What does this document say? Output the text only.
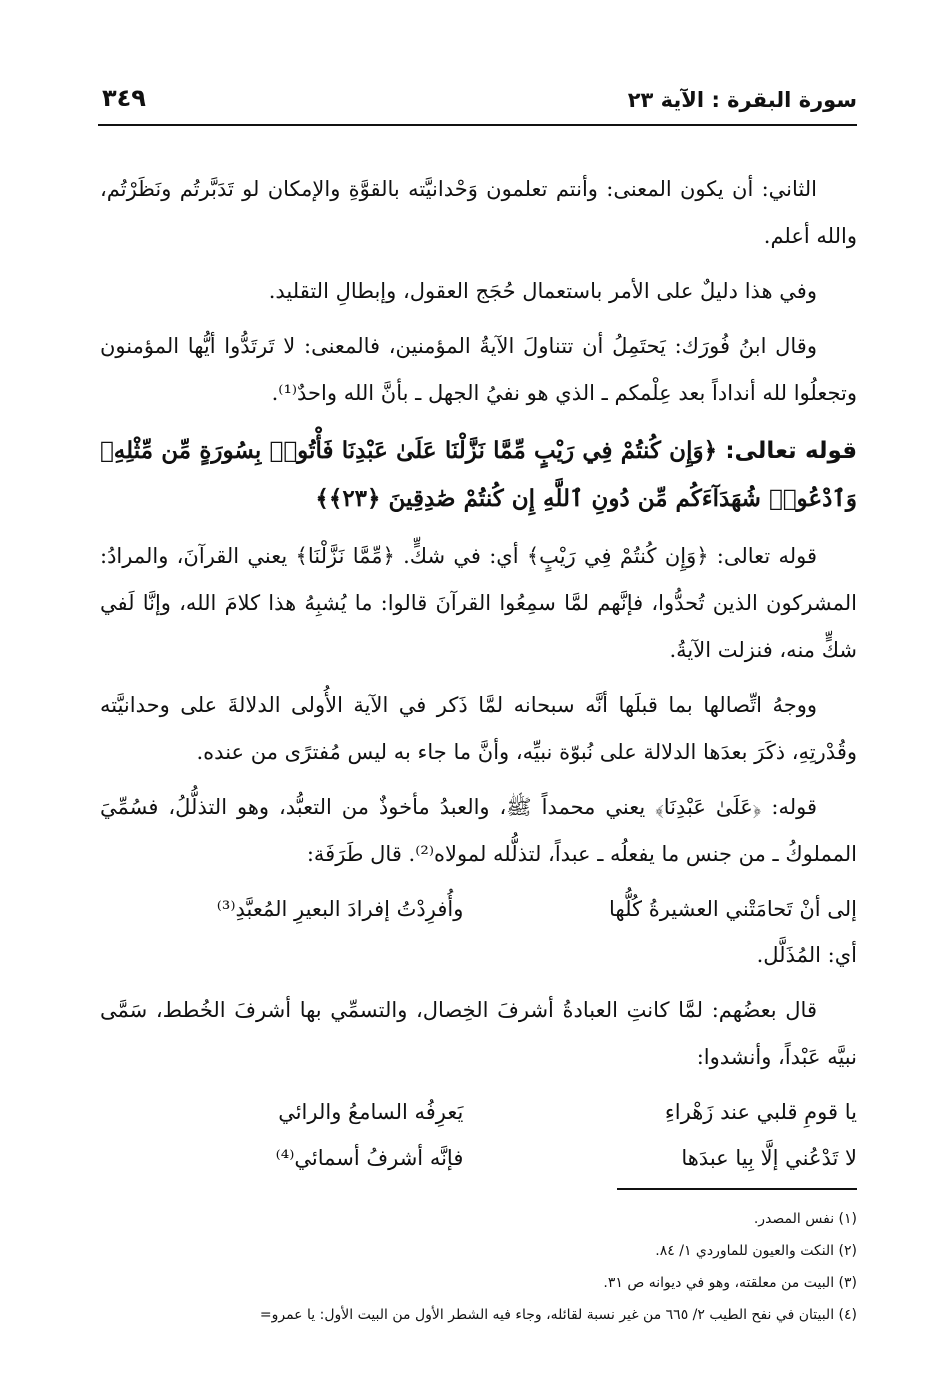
سورة البقرة : الآية ٢٣
٣٤٩

الثاني: أن يكون المعنى: وأنتم تعلمون وَحْدانيَّته بالقوَّةِ والإمكان لو تَدَبَّرتُم ونَظَرْتُم، والله أعلم.

وفي هذا دليلٌ على الأمر باستعمال حُجَج العقول، وإبطالِ التقليد.

وقال ابنُ فُورَك: يَحتَمِلُ أن تتناولَ الآيةُ المؤمنين، فالمعنى: لا تَرتَدُّوا أيُّها المؤمنون وتجعلُوا لله أنداداً بعد عِلْمكم ـ الذي هو نفيُ الجهل ـ بأنَّ الله واحدٌ⁽¹⁾.

قوله تعالى: ﴿وَإِن كُنتُمْ فِي رَيْبٍ مِّمَّا نَزَّلْنَا عَلَىٰ عَبْدِنَا فَأْتُوا۟ بِسُورَةٍ مِّن مِّثْلِهِۦ وَٱدْعُوا۟ شُهَدَآءَكُم مِّن دُونِ ٱللَّهِ إِن كُنتُمْ صَٰدِقِينَ ﴿٢٣﴾﴾

قوله تعالى: ﴿وَإِن كُنتُمْ فِي رَيْبٍ﴾ أي: في شكٍّ. ﴿مِّمَّا نَزَّلْنَا﴾ يعني القرآنَ، والمرادُ: المشركون الذين تُحدُّوا، فإنَّهم لمَّا سمِعُوا القرآنَ قالوا: ما يُشبِهُ هذا كلامَ الله، وإنَّا لَفي شكٍّ منه، فنزلت الآيةُ.

ووجهُ اتِّصالها بما قبلَها أنَّه سبحانه لمَّا ذَكر في الآية الأُولى الدلالةَ على وحدانيَّته وقُدْرتِهِ، ذكَرَ بعدَها الدلالة على نُبوّة نبيِّه، وأنَّ ما جاء به ليس مُفترًى من عنده.

قوله: ﴿عَلَىٰ عَبْدِنَا﴾ يعني محمداً ﷺ، والعبدُ مأخوذٌ من التعبُّد، وهو التذلُّلُ، فسُمِّيَ المملوكُ ـ من جنس ما يفعلُه ـ عبداً، لتذلُّله لمولاه⁽²⁾. قال طَرَفَة:

إلى أنْ تَحامَتْني العشيرةُ كُلُّها
وأُفرِدْتُ إفرادَ البعيرِ المُعبَّدِ⁽³⁾

أي: المُذَلَّل.

قال بعضُهم: لمَّا كانتِ العبادةُ أشرفَ الخِصال، والتسمِّي بها أشرفَ الخُطط، سَمَّى نبيَّه عَبْداً، وأنشدوا:

يا قومِ قلبي عند زَهْراءِ
يَعرِفُه السامعُ والرائي
لا تَدْعُني إلَّا بِيا عبدَها
فإنَّه أشرفُ أسمائي⁽⁴⁾
(١) نفس المصدر.
(٢) النكت والعيون للماوردي ١/ ٨٤.
(٣) البيت من معلقته، وهو في ديوانه ص ٣١.
(٤) البيتان في نفح الطيب ٢/ ٦٦٥ من غير نسبة لقائله، وجاء فيه الشطر الأول من البيت الأول: يا عمرو=
